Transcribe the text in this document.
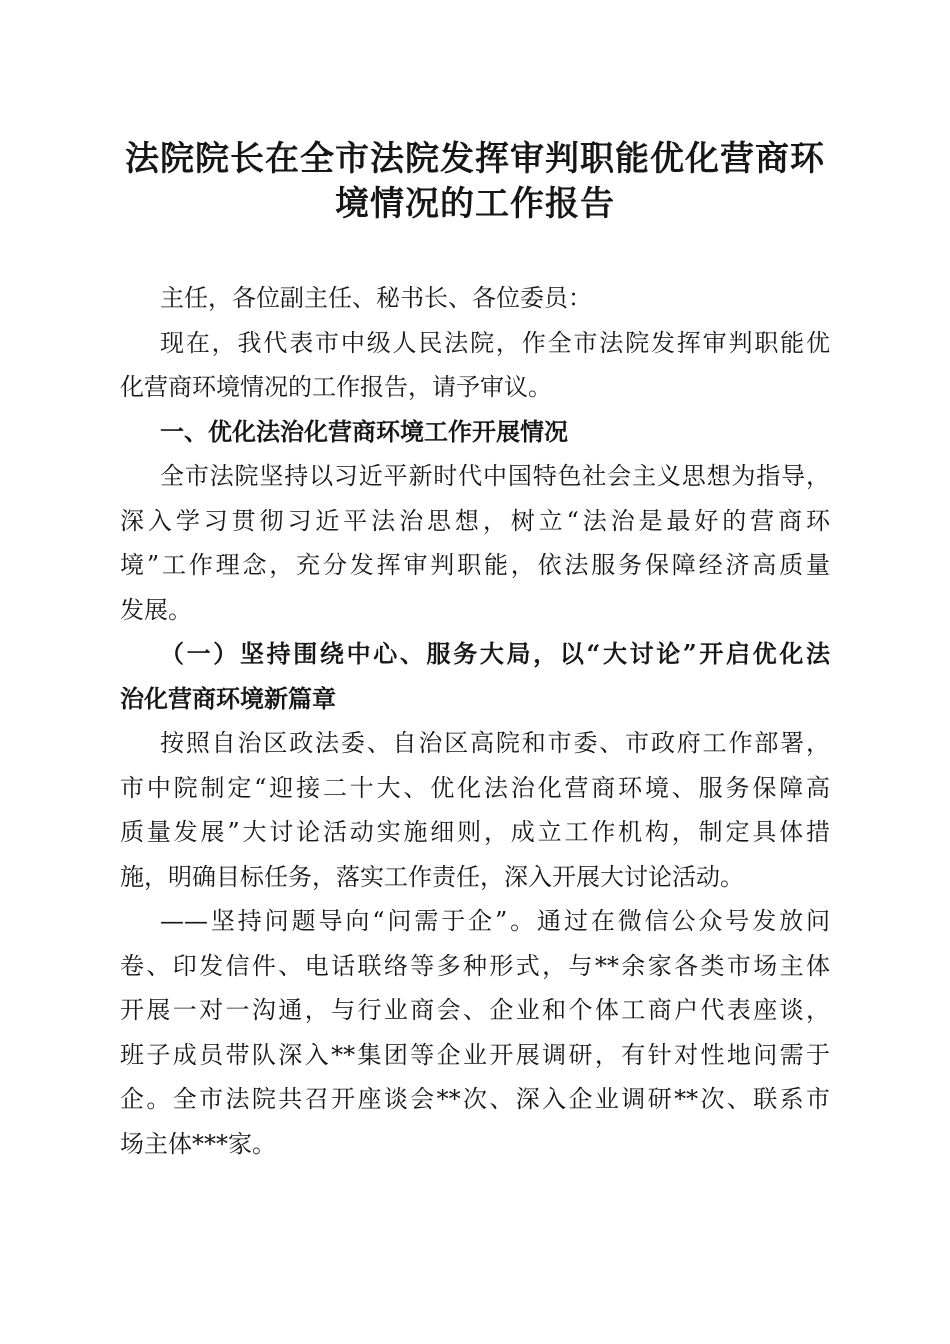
法院院长在全市法院发挥审判职能优化营商环
境情况的工作报告

主任，各位副主任、秘书长、各位委员：

现在，我代表市中级人民法院，作全市法院发挥审判职能优
化营商环境情况的工作报告，请予审议。

一、优化法治化营商环境工作开展情况

全市法院坚持以习近平新时代中国特色社会主义思想为指导，
深入学习贯彻习近平法治思想，树立“法治是最好的营商环
境”工作理念，充分发挥审判职能，依法服务保障经济高质量
发展。

（一）坚持围绕中心、服务大局，以“大讨论”开启优化法
治化营商环境新篇章

按照自治区政法委、自治区高院和市委、市政府工作部署，
市中院制定“迎接二十大、优化法治化营商环境、服务保障高
质量发展”大讨论活动实施细则，成立工作机构，制定具体措
施，明确目标任务，落实工作责任，深入开展大讨论活动。

——坚持问题导向“问需于企”。通过在微信公众号发放问
卷、印发信件、电话联络等多种形式，与**余家各类市场主体
开展一对一沟通，与行业商会、企业和个体工商户代表座谈，
班子成员带队深入**集团等企业开展调研，有针对性地问需于
企。全市法院共召开座谈会**次、深入企业调研**次、联系市
场主体***家。
